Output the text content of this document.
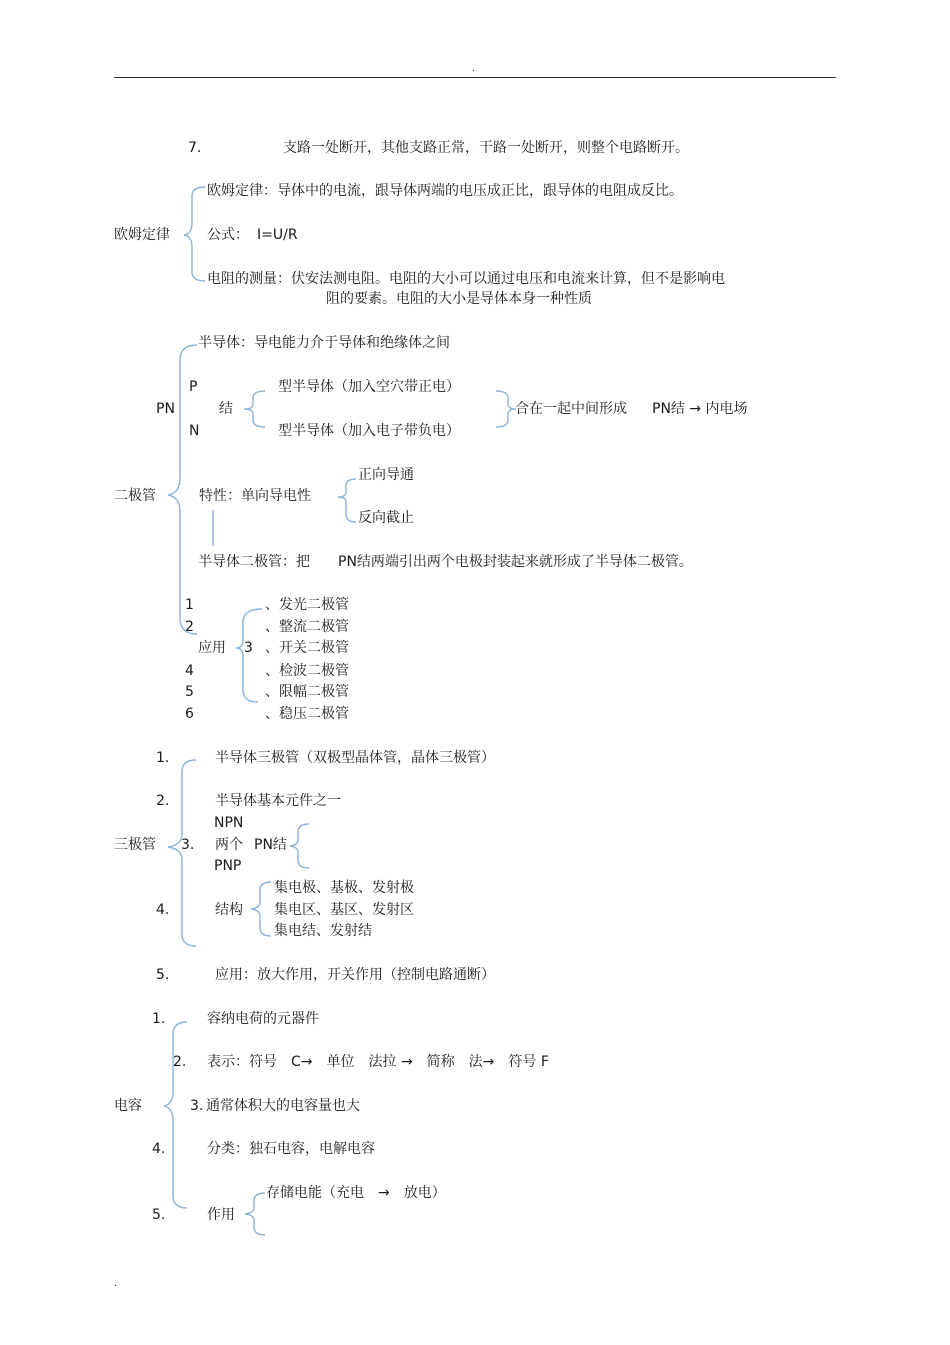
.
7.	支路一处断开，其他支路正常，干路一处断开，则整个电路断开。
欧姆定律
欧姆定律：导体中的电流，跟导体两端的电压成正比，跟导体的电阻成反比。
公式： I=U/R
电阻的测量：伏安法测电阻。电阻的大小可以通过电压和电流来计算，但不是影响电
阻的要素。电阻的大小是导体本身一种性质
二极管
半导体：导电能力介于导体和绝缘体之间
PN
P
N
结
型半导体（加入空穴带正电）
型半导体（加入电子带负电）
合在一起中间形成 PN结 → 内电场
特性：单向导电性
正向导通
反向截止
半导体二极管：把 PN结两端引出两个电极封装起来就形成了半导体二极管。
应用
1	、发光二极管
2	、整流二极管
3 、开关二极管
4	、检波二极管
5	、限幅二极管
6	、稳压二极管
三极管
1.	半导体三极管（双极型晶体管，晶体三极管）
2.	半导体基本元件之一
NPN
3. 两个 PN结
PNP
4.	结构
集电极、基极、发射极
集电区、基区、发射区
集电结、发射结
5.	应用：放大作用，开关作用（控制电路通断）
电容
1.	容纳电荷的元器件
2. 表示：符号　C→　单位　法拉 →　简称　法→　符号 F
3. 通常体积大的电容量也大
4.	分类：独石电容，电解电容
存储电能（充电　→　放电）
5.	作用
.
